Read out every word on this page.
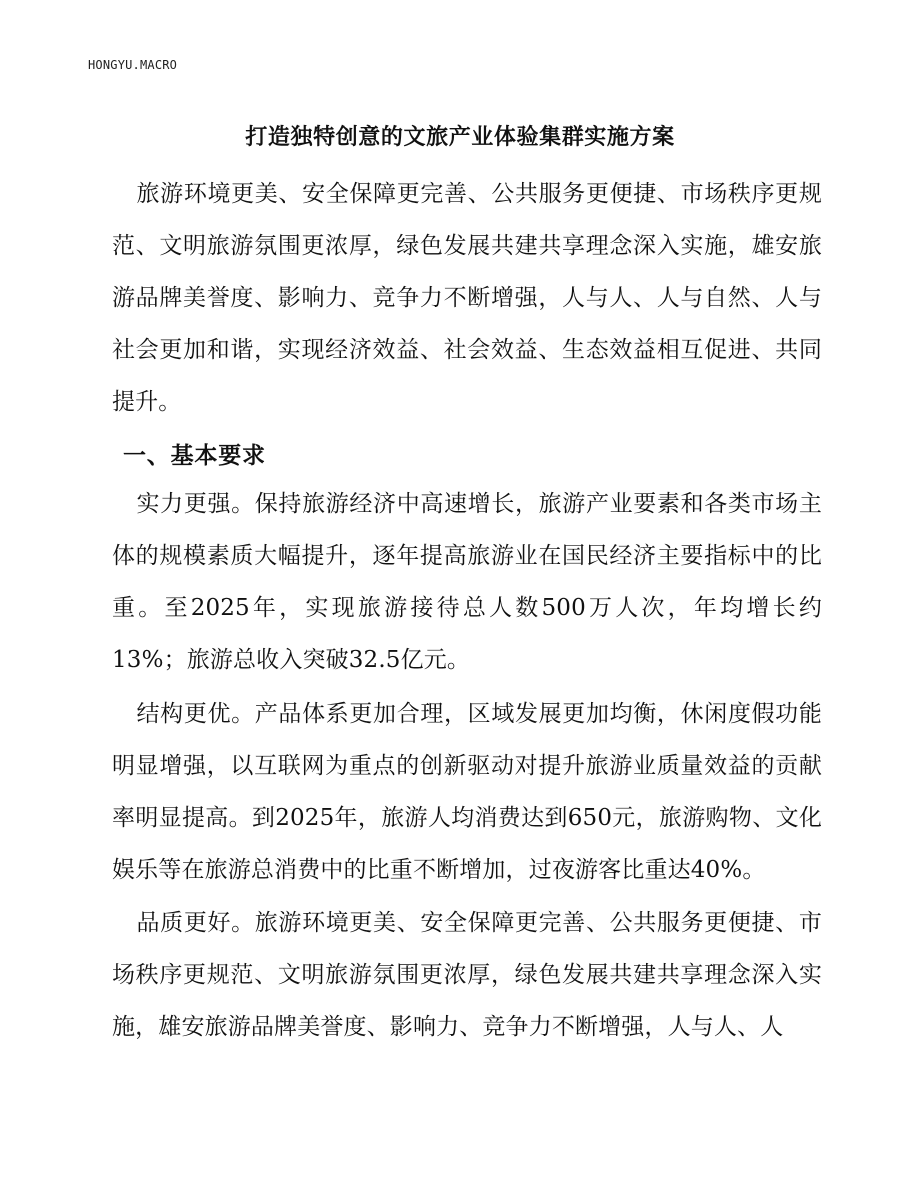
HONGYU.MACRO
打造独特创意的文旅产业体验集群实施方案
旅游环境更美、安全保障更完善、公共服务更便捷、市场秩序更规范、文明旅游氛围更浓厚，绿色发展共建共享理念深入实施，雄安旅游品牌美誉度、影响力、竞争力不断增强，人与人、人与自然、人与社会更加和谐，实现经济效益、社会效益、生态效益相互促进、共同提升。
一、基本要求
实力更强。保持旅游经济中高速增长，旅游产业要素和各类市场主体的规模素质大幅提升，逐年提高旅游业在国民经济主要指标中的比重。至2025年，实现旅游接待总人数500万人次，年均增长约13%；旅游总收入突破32.5亿元。
结构更优。产品体系更加合理，区域发展更加均衡，休闲度假功能明显增强，以互联网为重点的创新驱动对提升旅游业质量效益的贡献率明显提高。到2025年，旅游人均消费达到650元，旅游购物、文化娱乐等在旅游总消费中的比重不断增加，过夜游客比重达40%。
品质更好。旅游环境更美、安全保障更完善、公共服务更便捷、市场秩序更规范、文明旅游氛围更浓厚，绿色发展共建共享理念深入实施，雄安旅游品牌美誉度、影响力、竞争力不断增强，人与人、人
